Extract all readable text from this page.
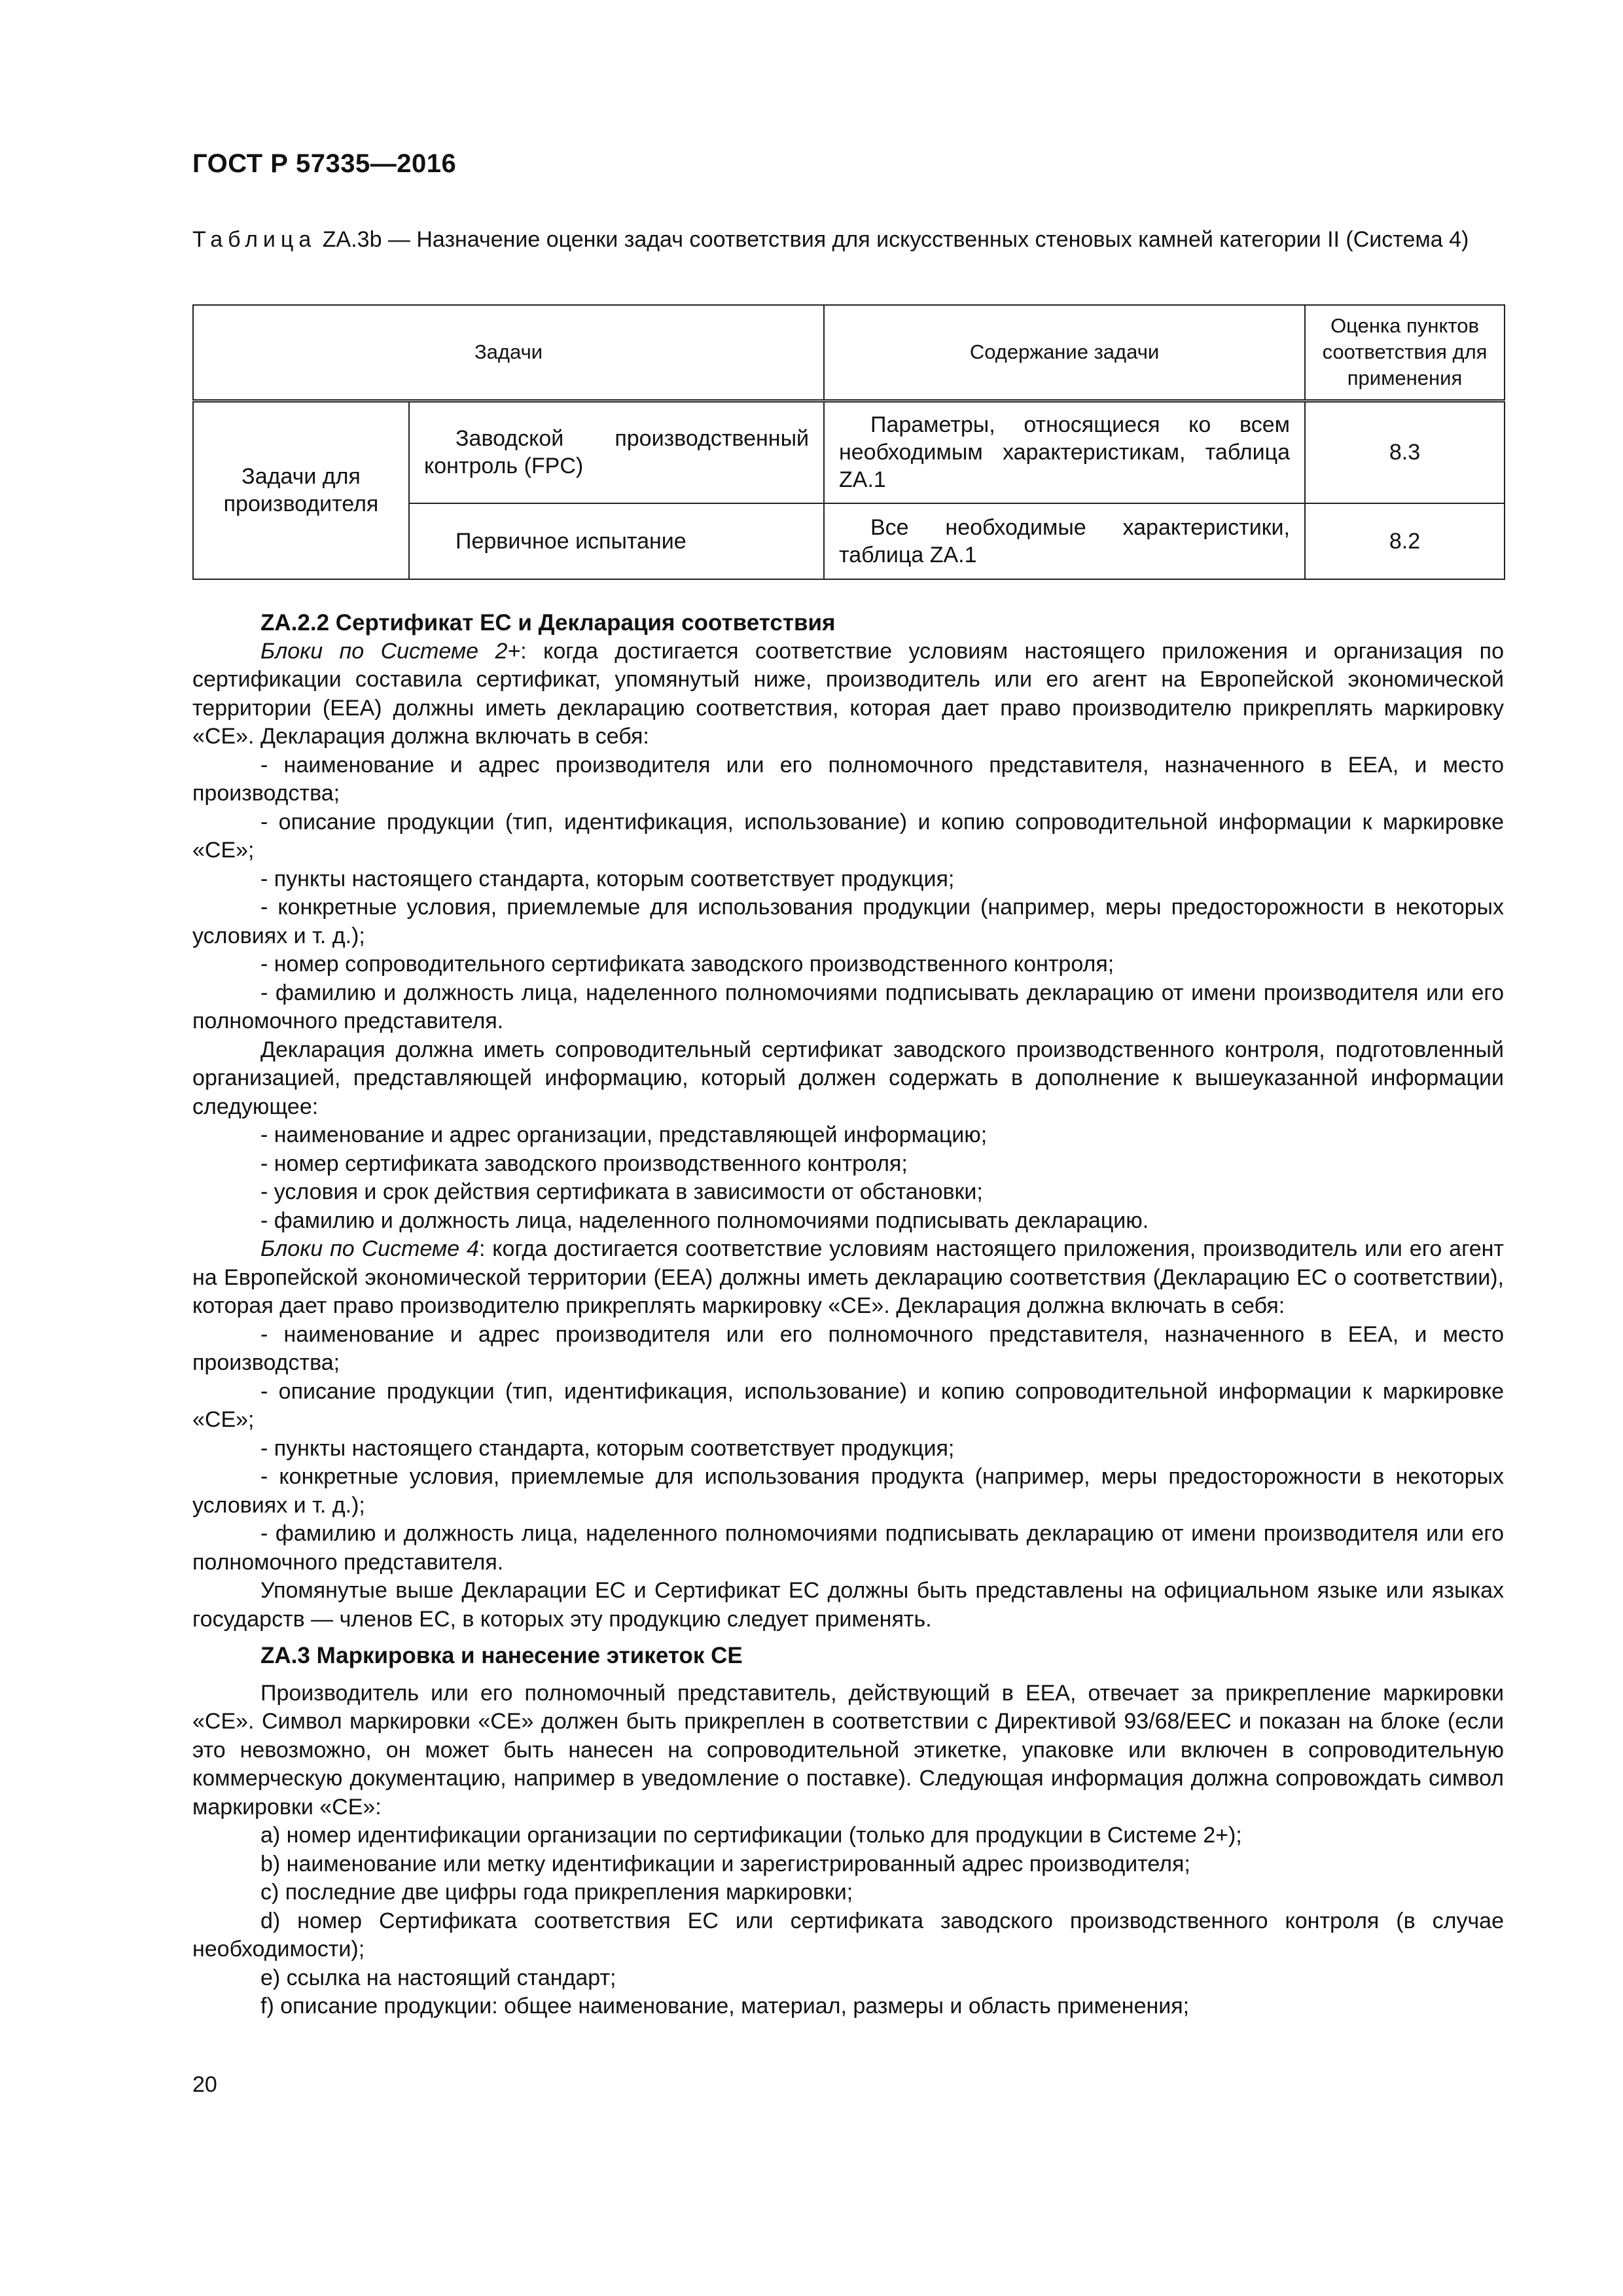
ГОСТ Р 57335—2016
Таблица ZA.3b — Назначение оценки задач соответствия для искусственных стеновых камней категории II (Система 4)
Задачи		Содержание задачи	Оценка пунктов соответствия для применения
Задачи для производителя	Заводской производственный контроль (FPC)	Параметры, относящиеся ко всем необходимым характеристикам, таблица ZA.1	8.3
	Первичное испытание	Все необходимые характеристики, таблица ZA.1	8.2
ZA.2.2 Сертификат ЕС и Декларация соответствия

Блоки по Системе 2+: когда достигается соответствие условиям настоящего приложения и организация по сертификации составила сертификат, упомянутый ниже, производитель или его агент на Европейской экономической территории (ЕЕА) должны иметь декларацию соответствия, которая дает право производителю прикреплять маркировку «СЕ». Декларация должна включать в себя:

- наименование и адрес производителя или его полномочного представителя, назначенного в ЕЕА, и место производства;

- описание продукции (тип, идентификация, использование) и копию сопроводительной информации к маркировке «СЕ»;

- пункты настоящего стандарта, которым соответствует продукция;

- конкретные условия, приемлемые для использования продукции (например, меры предосторожности в некоторых условиях и т. д.);

- номер сопроводительного сертификата заводского производственного контроля;

- фамилию и должность лица, наделенного полномочиями подписывать декларацию от имени производителя или его полномочного представителя.

Декларация должна иметь сопроводительный сертификат заводского производственного контроля, подготовленный организацией, представляющей информацию, который должен содержать в дополнение к вышеуказанной информации следующее:

- наименование и адрес организации, представляющей информацию;

- номер сертификата заводского производственного контроля;

- условия и срок действия сертификата в зависимости от обстановки;

- фамилию и должность лица, наделенного полномочиями подписывать декларацию.

Блоки по Системе 4: когда достигается соответствие условиям настоящего приложения, производитель или его агент на Европейской экономической территории (ЕЕА) должны иметь декларацию соответствия (Декларацию ЕС о соответствии), которая дает право производителю прикреплять маркировку «СЕ». Декларация должна включать в себя:

- наименование и адрес производителя или его полномочного представителя, назначенного в ЕЕА, и место производства;

- описание продукции (тип, идентификация, использование) и копию сопроводительной информации к маркировке «СЕ»;

- пункты настоящего стандарта, которым соответствует продукция;

- конкретные условия, приемлемые для использования продукта (например, меры предосторожности в некоторых условиях и т. д.);

- фамилию и должность лица, наделенного полномочиями подписывать декларацию от имени производителя или его полномочного представителя.

Упомянутые выше Декларации ЕС и Сертификат ЕС должны быть представлены на официальном языке или языках государств — членов ЕС, в которых эту продукцию следует применять.

ZA.3 Маркировка и нанесение этикеток СЕ

Производитель или его полномочный представитель, действующий в ЕЕА, отвечает за прикрепление маркировки «СЕ». Символ маркировки «СЕ» должен быть прикреплен в соответствии с Директивой 93/68/ЕЕС и показан на блоке (если это невозможно, он может быть нанесен на сопроводительной этикетке, упаковке или включен в сопроводительную коммерческую документацию, например в уведомление о поставке). Следующая информация должна сопровождать символ маркировки «СЕ»:

a) номер идентификации организации по сертификации (только для продукции в Системе 2+);

b) наименование или метку идентификации и зарегистрированный адрес производителя;

c) последние две цифры года прикрепления маркировки;

d) номер Сертификата соответствия ЕС или сертификата заводского производственного контроля (в случае необходимости);

e) ссылка на настоящий стандарт;

f) описание продукции: общее наименование, материал, размеры и область применения;

20
